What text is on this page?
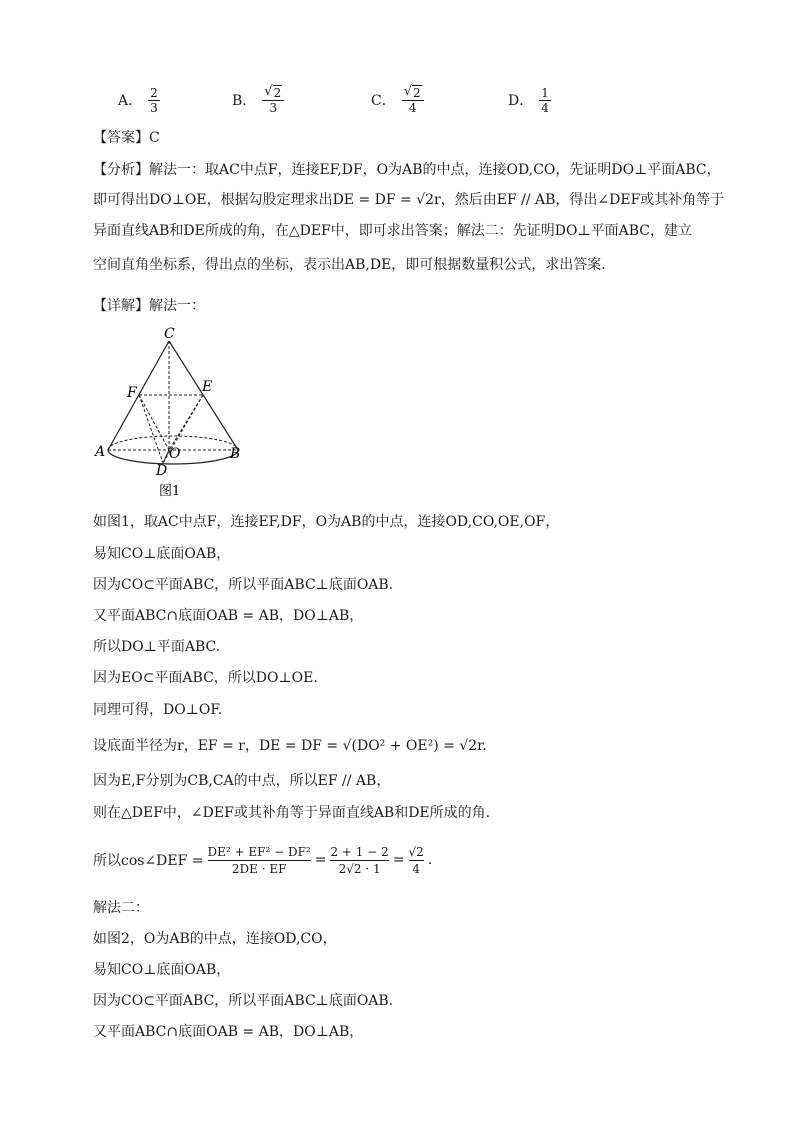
A． $\frac{2}{3}$	B． $\frac{√ 2}{3}$	C． $\frac{√ 2}{4}$	D． $\frac{1}{4}$
【答案】C
【分析】解法一：取AC中点F，连接EF,DF，O为AB的中点，连接OD,CO，先证明DO⊥平面ABC，
即可得出DO⊥OE，根据勾股定理求出DE = DF = √2r，然后由EF // AB，得出∠DEF或其补角等于
异面直线AB和DE所成的角，在△DEF中，即可求出答案；解法二：先证明DO⊥平面ABC，建立
空间直角坐标系，得出点的坐标，表示出AB,DE，即可根据数量积公式，求出答案.
【详解】解法一：
C
F	E
A	B
O
D
图1
如图1，取AC中点F，连接EF,DF，O为AB的中点，连接OD,CO,OE,OF，
易知CO⊥底面OAB，
因为CO⊂平面ABC，所以平面ABC⊥底面OAB.
又平面ABC∩底面OAB = AB，DO⊥AB，
所以DO⊥平面ABC.
因为EO⊂平面ABC，所以DO⊥OE.
同理可得，DO⊥OF.
设底面半径为r，EF = r，DE = DF = √(DO² + OE²) = √2r.
因为E,F分别为CB,CA的中点，所以EF // AB，
则在△DEF中，∠DEF或其补角等于异面直线AB和DE所成的角.
所以cos∠DEF =
DE² + EF² − DF²
2DE · EF
=
2 + 1 − 2
2√2 · 1
=
√2
4
.
解法二：
如图2，O为AB的中点，连接OD,CO，
易知CO⊥底面OAB，
因为CO⊂平面ABC，所以平面ABC⊥底面OAB.
又平面ABC∩底面OAB = AB，DO⊥AB，
